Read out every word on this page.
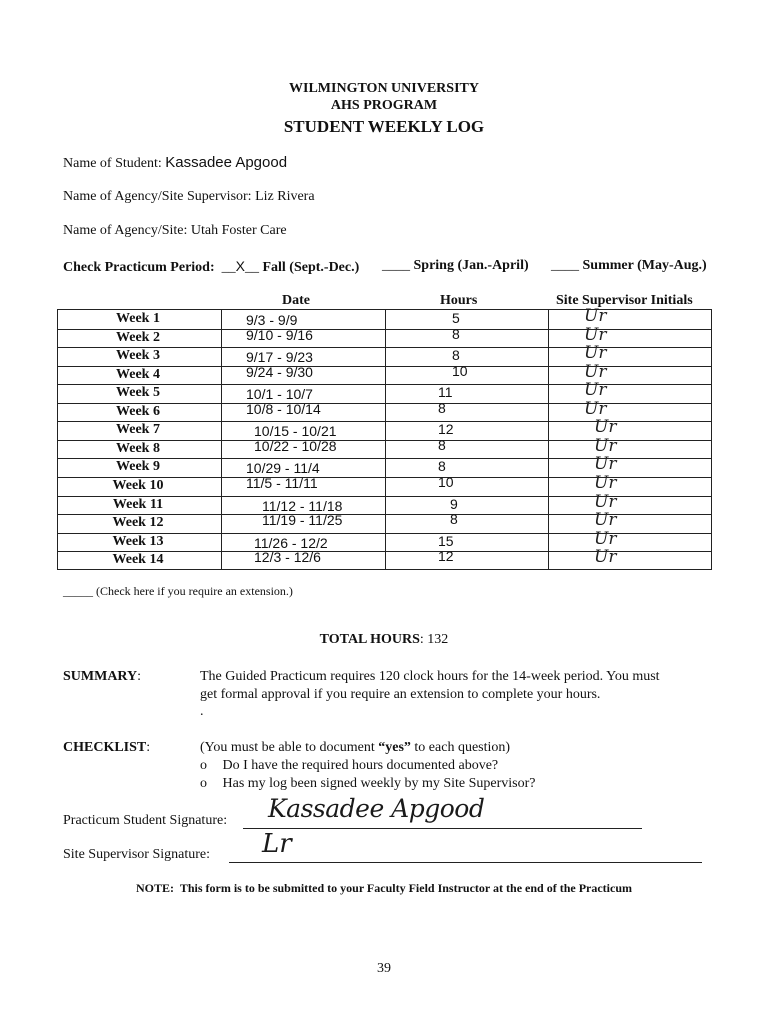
WILMINGTON UNIVERSITY
AHS PROGRAM
STUDENT WEEKLY LOG
Name of Student: Kassadee Apgood
Name of Agency/Site Supervisor: Liz Rivera
Name of Agency/Site: Utah Foster Care
Check Practicum Period: __X__ Fall (Sept.-Dec.) ____ Spring (Jan.-April) ____ Summer (May-Aug.)
Date	Hours	Site Supervisor Initials
Week 1	9/3 - 9/9	5	Ur
Week 2	9/10 - 9/16	8	Ur
Week 3	9/17 - 9/23	8	Ur
Week 4	9/24 - 9/30	10	Ur
Week 5	10/1 - 10/7	11	Ur
Week 6	10/8 - 10/14	8	Ur
Week 7	10/15 - 10/21	12	Ur
Week 8	10/22 - 10/28	8	Ur
Week 9	10/29 - 11/4	8	Ur
Week 10	11/5 - 11/11	10	Ur
Week 11	11/12 - 11/18	9	Ur
Week 12	11/19 - 11/25	8	Ur
Week 13	11/26 - 12/2	15	Ur
Week 14	12/3 - 12/6	12	Ur
_____ (Check here if you require an extension.)
TOTAL HOURS: 132
SUMMARY:	The Guided Practicum requires 120 clock hours for the 14-week period. You must
get formal approval if you require an extension to complete your hours.
.
CHECKLIST:	(You must be able to document “yes” to each question)
o Do I have the required hours documented above?
o Has my log been signed weekly by my Site Supervisor?
Practicum Student Signature: Kassadee Apgood
Site Supervisor Signature: Lr
NOTE: This form is to be submitted to your Faculty Field Instructor at the end of the Practicum
39
